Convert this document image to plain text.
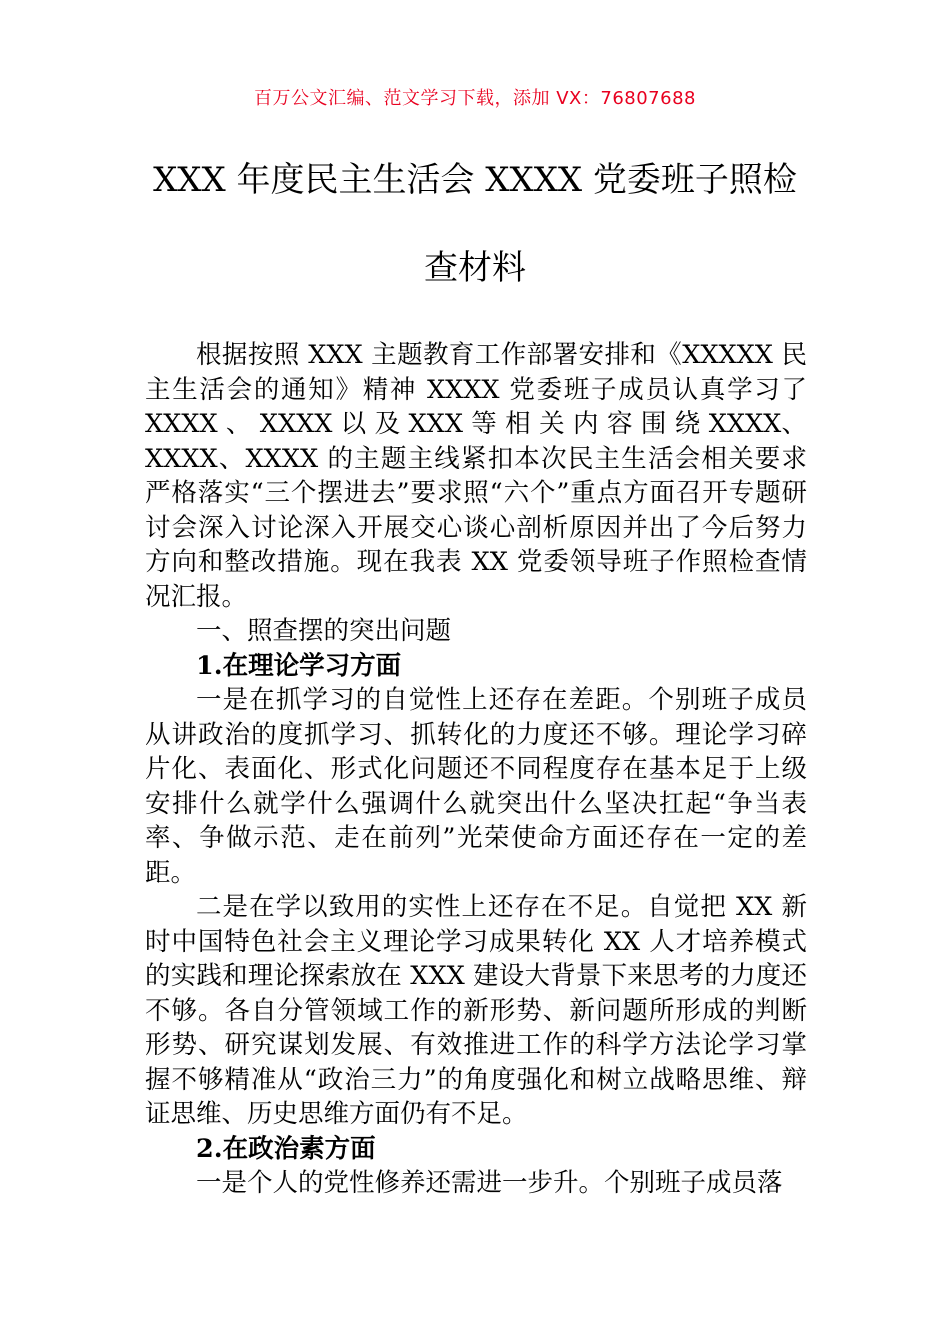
百万公文汇编、范文学习下载，添加 VX：76807688
XXX 年度民主生活会 XXXX 党委班子照检
查材料

根据按照 XXX 主题教育工作部署安排和《XXXXX 民主生活会的通知》精神 XXXX 党委班子成员认真学习了 XXXX 、 XXXX 以 及 XXX 等 相 关 内 容 围 绕 XXXX、XXXX、XXXX 的主题主线紧扣本次民主生活会相关要求严格落实“三个摆进去”要求照“六个”重点方面召开专题研讨会深入讨论深入开展交心谈心剖析原因并出了今后努力方向和整改措施。现在我表 XX 党委领导班子作照检查情况汇报。

一、照查摆的突出问题

1.在理论学习方面

一是在抓学习的自觉性上还存在差距。个别班子成员从讲政治的度抓学习、抓转化的力度还不够。理论学习碎片化、表面化、形式化问题还不同程度存在基本足于上级安排什么就学什么强调什么就突出什么坚决扛起“争当表率、争做示范、走在前列”光荣使命方面还存在一定的差距。

二是在学以致用的实性上还存在不足。自觉把 XX 新时中国特色社会主义理论学习成果转化 XX 人才培养模式的实践和理论探索放在 XXX 建设大背景下来思考的力度还不够。各自分管领域工作的新形势、新问题所形成的判断形势、研究谋划发展、有效推进工作的科学方法论学习掌握不够精准从“政治三力”的角度强化和树立战略思维、辩证思维、历史思维方面仍有不足。

2.在政治素方面

一是个人的党性修养还需进一步升。个别班子成员落
